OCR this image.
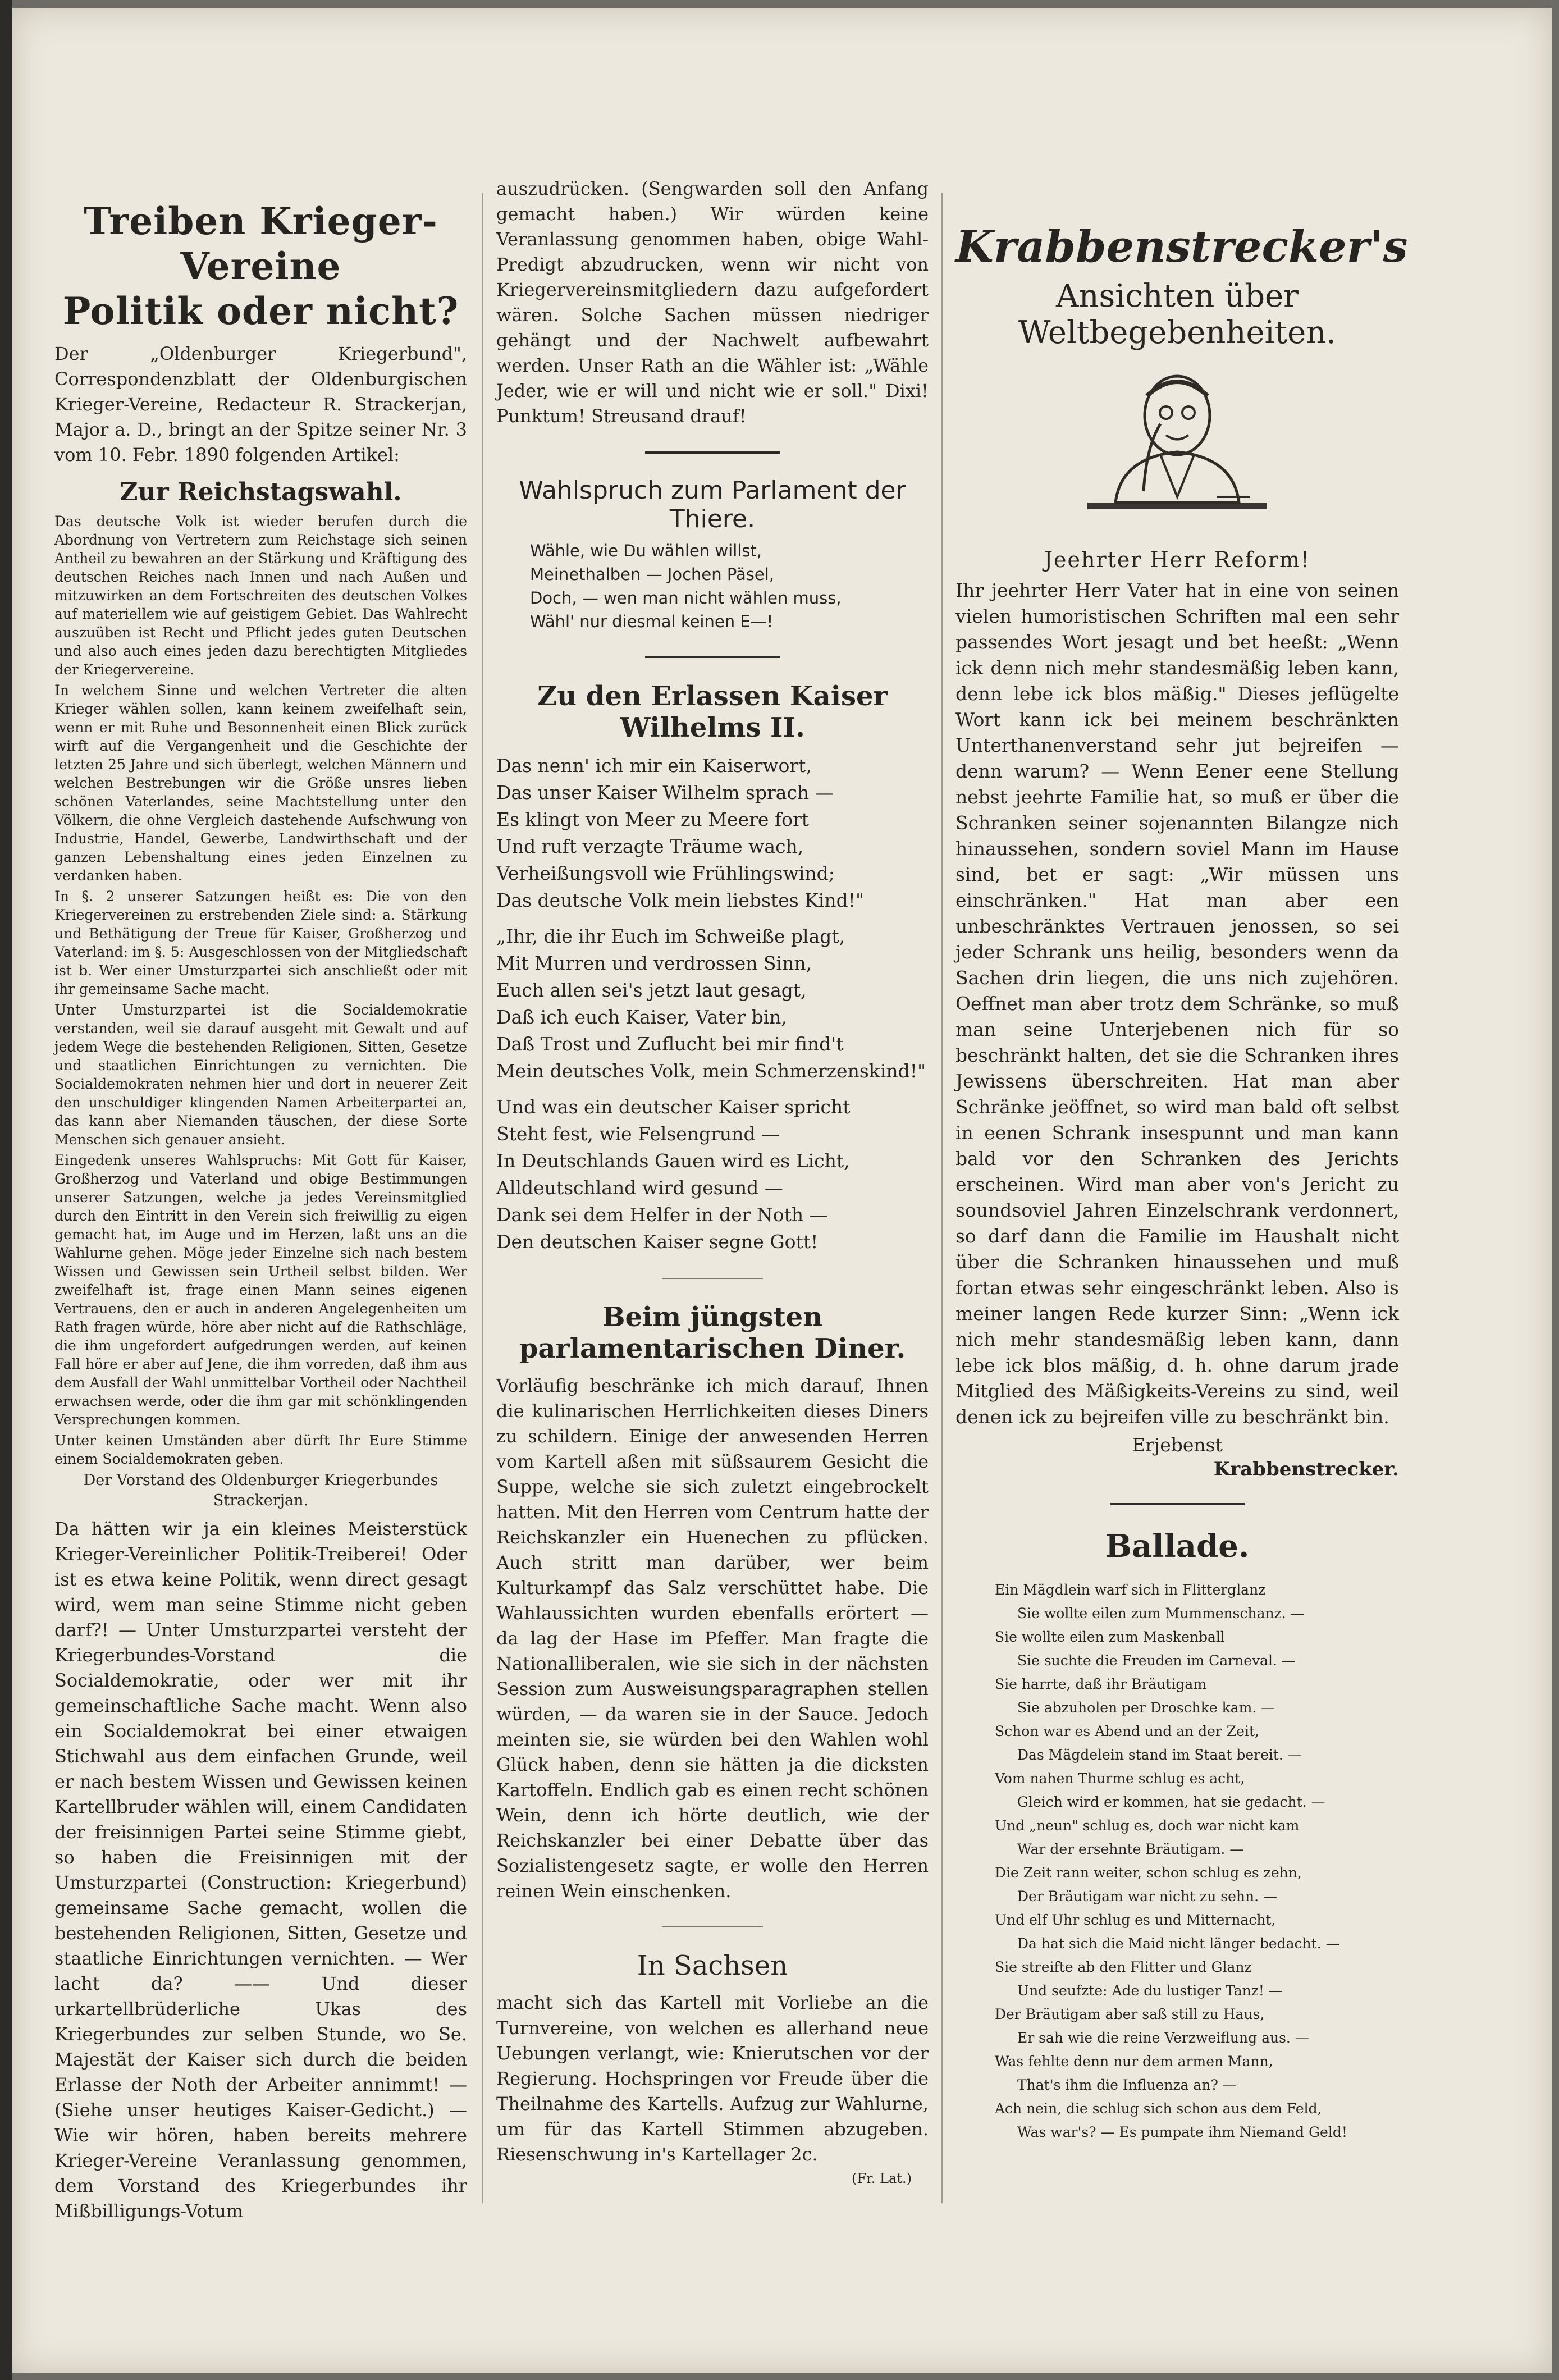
Treiben Krieger-Vereine
Politik oder nicht?

Der „Oldenburger Kriegerbund", Correspondenzblatt der Oldenburgischen Krieger-Vereine, Redacteur R. Strackerjan, Major a. D., bringt an der Spitze seiner Nr. 3 vom 10. Febr. 1890 folgenden Artikel:

Zur Reichstagswahl.

Das deutsche Volk ist wieder berufen durch die Abordnung von Vertretern zum Reichstage sich seinen Antheil zu bewahren an der Stärkung und Kräftigung des deutschen Reiches nach Innen und nach Außen und mitzuwirken an dem Fortschreiten des deutschen Volkes auf materiellem wie auf geistigem Gebiet. Das Wahlrecht auszuüben ist Recht und Pflicht jedes guten Deutschen und also auch eines jeden dazu berechtigten Mitgliedes der Kriegervereine.

In welchem Sinne und welchen Vertreter die alten Krieger wählen sollen, kann keinem zweifelhaft sein, wenn er mit Ruhe und Besonnenheit einen Blick zurück wirft auf die Vergangenheit und die Geschichte der letzten 25 Jahre und sich überlegt, welchen Männern und welchen Bestrebungen wir die Größe unsres lieben schönen Vaterlandes, seine Machtstellung unter den Völkern, die ohne Vergleich dastehende Aufschwung von Industrie, Handel, Gewerbe, Landwirthschaft und der ganzen Lebenshaltung eines jeden Einzelnen zu verdanken haben.

In §. 2 unserer Satzungen heißt es: Die von den Kriegervereinen zu erstrebenden Ziele sind: a. Stärkung und Bethätigung der Treue für Kaiser, Großherzog und Vaterland: im §. 5: Ausgeschlossen von der Mitgliedschaft ist b. Wer einer Umsturzpartei sich anschließt oder mit ihr gemeinsame Sache macht.

Unter Umsturzpartei ist die Socialdemokratie verstanden, weil sie darauf ausgeht mit Gewalt und auf jedem Wege die bestehenden Religionen, Sitten, Gesetze und staatlichen Einrichtungen zu vernichten. Die Socialdemokraten nehmen hier und dort in neuerer Zeit den unschuldiger klingenden Namen Arbeiterpartei an, das kann aber Niemanden täuschen, der diese Sorte Menschen sich genauer ansieht.

Eingedenk unseres Wahlspruchs: Mit Gott für Kaiser, Großherzog und Vaterland und obige Bestimmungen unserer Satzungen, welche ja jedes Vereinsmitglied durch den Eintritt in den Verein sich freiwillig zu eigen gemacht hat, im Auge und im Herzen, laßt uns an die Wahlurne gehen. Möge jeder Einzelne sich nach bestem Wissen und Gewissen sein Urtheil selbst bilden. Wer zweifelhaft ist, frage einen Mann seines eigenen Vertrauens, den er auch in anderen Angelegenheiten um Rath fragen würde, höre aber nicht auf die Rathschläge, die ihm ungefordert aufgedrungen werden, auf keinen Fall höre er aber auf Jene, die ihm vorreden, daß ihm aus dem Ausfall der Wahl unmittelbar Vortheil oder Nachtheil erwachsen werde, oder die ihm gar mit schönklingenden Versprechungen kommen.

Unter keinen Umständen aber dürft Ihr Eure Stimme einem Socialdemokraten geben.

Der Vorstand des Oldenburger Kriegerbundes Strackerjan.

Da hätten wir ja ein kleines Meisterstück Krieger-Vereinlicher Politik-Treiberei! Oder ist es etwa keine Politik, wenn direct gesagt wird, wem man seine Stimme nicht geben darf?! — Unter Umsturzpartei versteht der Kriegerbundes-Vorstand die Socialdemokratie, oder wer mit ihr gemeinschaftliche Sache macht. Wenn also ein Socialdemokrat bei einer etwaigen Stichwahl aus dem einfachen Grunde, weil er nach bestem Wissen und Gewissen keinen Kartellbruder wählen will, einem Candidaten der freisinnigen Partei seine Stimme giebt, so haben die Freisinnigen mit der Umsturzpartei (Construction: Kriegerbund) gemeinsame Sache gemacht, wollen die bestehenden Religionen, Sitten, Gesetze und staatliche Einrichtungen vernichten. — Wer lacht da? —— Und dieser urkartellbrüderliche Ukas des Kriegerbundes zur selben Stunde, wo Se. Majestät der Kaiser sich durch die beiden Erlasse der Noth der Arbeiter annimmt! — (Siehe unser heutiges Kaiser-Gedicht.) — Wie wir hören, haben bereits mehrere Krieger-Vereine Veranlassung genommen, dem Vorstand des Kriegerbundes ihr Mißbilligungs-Votum

auszudrücken. (Sengwarden soll den Anfang gemacht haben.) Wir würden keine Veranlassung genommen haben, obige Wahl-Predigt abzudrucken, wenn wir nicht von Kriegervereinsmitgliedern dazu aufgefordert wären. Solche Sachen müssen niedriger gehängt und der Nachwelt aufbewahrt werden. Unser Rath an die Wähler ist: „Wähle Jeder, wie er will und nicht wie er soll." Dixi! Punktum! Streusand drauf!

Wahlspruch zum Parlament der Thiere.
Wähle, wie Du wählen willst,
Meinethalben — Jochen Päsel,
Doch, — wen man nicht wählen muss,
Wähl' nur diesmal keinen E—!
Zu den Erlassen Kaiser Wilhelms II.
Das nenn' ich mir ein Kaiserwort,
Das unser Kaiser Wilhelm sprach —
Es klingt von Meer zu Meere fort
Und ruft verzagte Träume wach,
Verheißungsvoll wie Frühlingswind;
Das deutsche Volk mein liebstes Kind!"
„Ihr, die ihr Euch im Schweiße plagt,
Mit Murren und verdrossen Sinn,
Euch allen sei's jetzt laut gesagt,
Daß ich euch Kaiser, Vater bin,
Daß Trost und Zuflucht bei mir find't
Mein deutsches Volk, mein Schmerzenskind!"
Und was ein deutscher Kaiser spricht
Steht fest, wie Felsengrund —
In Deutschlands Gauen wird es Licht,
Alldeutschland wird gesund —
Dank sei dem Helfer in der Noth —
Den deutschen Kaiser segne Gott!
Beim jüngsten parlamentarischen Diner.

Vorläufig beschränke ich mich darauf, Ihnen die kulinarischen Herrlichkeiten dieses Diners zu schildern. Einige der anwesenden Herren vom Kartell aßen mit süßsaurem Gesicht die Suppe, welche sie sich zuletzt eingebrockelt hatten. Mit den Herren vom Centrum hatte der Reichskanzler ein Huenechen zu pflücken. Auch stritt man darüber, wer beim Kulturkampf das Salz verschüttet habe. Die Wahlaussichten wurden ebenfalls erörtert — da lag der Hase im Pfeffer. Man fragte die Nationalliberalen, wie sie sich in der nächsten Session zum Ausweisungsparagraphen stellen würden, — da waren sie in der Sauce. Jedoch meinten sie, sie würden bei den Wahlen wohl Glück haben, denn sie hätten ja die dicksten Kartoffeln. Endlich gab es einen recht schönen Wein, denn ich hörte deutlich, wie der Reichskanzler bei einer Debatte über das Sozialistengesetz sagte, er wolle den Herren reinen Wein einschenken.

In Sachsen

macht sich das Kartell mit Vorliebe an die Turnvereine, von welchen es allerhand neue Uebungen verlangt, wie: Knierutschen vor der Regierung. Hochspringen vor Freude über die Theilnahme des Kartells. Aufzug zur Wahlurne, um für das Kartell Stimmen abzugeben. Riesenschwung in's Kartellager 2c.

(Fr. Lat.)

Krabbenstrecker's
Ansichten über Weltbegebenheiten.
Jeehrter Herr Reform!

Ihr jeehrter Herr Vater hat in eine von seinen vielen humoristischen Schriften mal een sehr passendes Wort jesagt und bet heeßt: „Wenn ick denn nich mehr standesmäßig leben kann, denn lebe ick blos mäßig." Dieses jeflügelte Wort kann ick bei meinem beschränkten Unterthanenverstand sehr jut bejreifen — denn warum? — Wenn Eener eene Stellung nebst jeehrte Familie hat, so muß er über die Schranken seiner sojenannten Bilangze nich hinaussehen, sondern soviel Mann im Hause sind, bet er sagt: „Wir müssen uns einschränken." Hat man aber een unbeschränktes Vertrauen jenossen, so sei jeder Schrank uns heilig, besonders wenn da Sachen drin liegen, die uns nich zujehören. Oeffnet man aber trotz dem Schränke, so muß man seine Unterjebenen nich für so beschränkt halten, det sie die Schranken ihres Jewissens überschreiten. Hat man aber Schränke jeöffnet, so wird man bald oft selbst in eenen Schrank insespunnt und man kann bald vor den Schranken des Jerichts erscheinen. Wird man aber von's Jericht zu soundsoviel Jahren Einzelschrank verdonnert, so darf dann die Familie im Haushalt nicht über die Schranken hinaussehen und muß fortan etwas sehr eingeschränkt leben. Also is meiner langen Rede kurzer Sinn: „Wenn ick nich mehr standesmäßig leben kann, dann lebe ick blos mäßig, d. h. ohne darum jrade Mitglied des Mäßigkeits-Vereins zu sind, weil denen ick zu bejreifen ville zu beschränkt bin.

Erjebenst

Krabbenstrecker.

Ballade.
Ein Mägdlein warf sich in Flitterglanz
Sie wollte eilen zum Mummenschanz. —
Sie wollte eilen zum Maskenball
Sie suchte die Freuden im Carneval. —
Sie harrte, daß ihr Bräutigam
Sie abzuholen per Droschke kam. —
Schon war es Abend und an der Zeit,
Das Mägdelein stand im Staat bereit. —
Vom nahen Thurme schlug es acht,
Gleich wird er kommen, hat sie gedacht. —
Und „neun" schlug es, doch war nicht kam
War der ersehnte Bräutigam. —
Die Zeit rann weiter, schon schlug es zehn,
Der Bräutigam war nicht zu sehn. —
Und elf Uhr schlug es und Mitternacht,
Da hat sich die Maid nicht länger bedacht. —
Sie streifte ab den Flitter und Glanz
Und seufzte: Ade du lustiger Tanz! —
Der Bräutigam aber saß still zu Haus,
Er sah wie die reine Verzweiflung aus. —
Was fehlte denn nur dem armen Mann,
That's ihm die Influenza an? —
Ach nein, die schlug sich schon aus dem Feld,
Was war's? — Es pumpate ihm Niemand Geld!
